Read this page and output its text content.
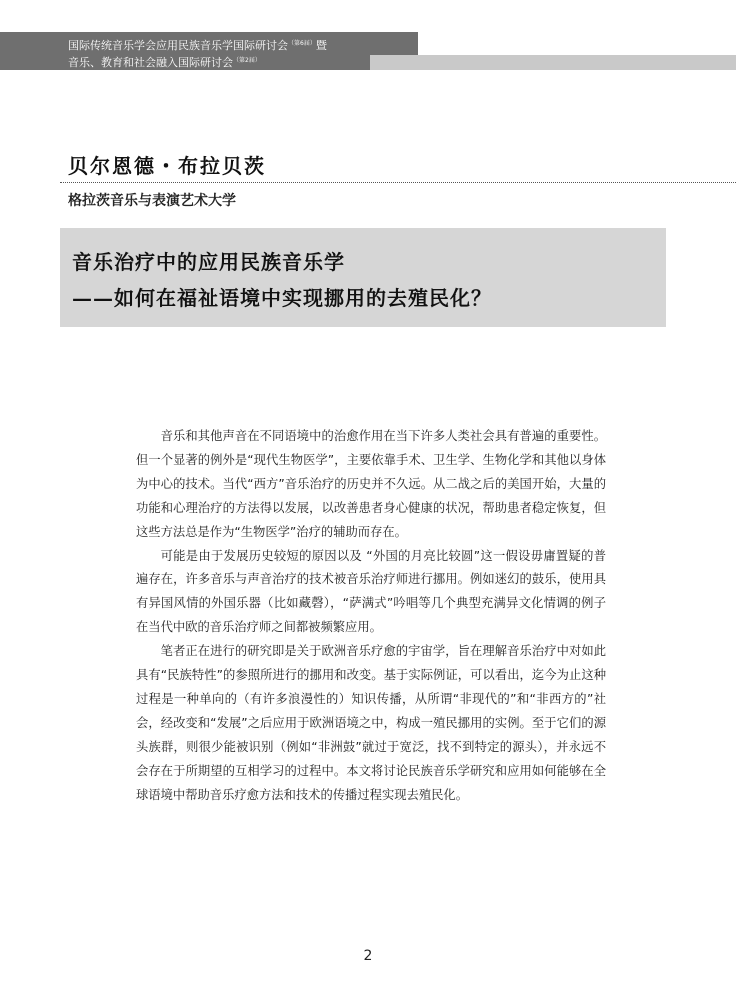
国际传统音乐学会应用民族音乐学国际研讨会$^{(第6届)}$暨
音乐、教育和社会融入国际研讨会$^{(第2届)}$
贝尔恩德・布拉贝茨
格拉茨音乐与表演艺术大学
音乐治疗中的应用民族音乐学
——如何在福祉语境中实现挪用的去殖民化？

音乐和其他声音在不同语境中的治愈作用在当下许多人类社会具有普遍的重要性。但一个显著的例外是“现代生物医学”，主要依靠手术、卫生学、生物化学和其他以身体为中心的技术。当代“西方”音乐治疗的历史并不久远。从二战之后的美国开始，大量的功能和心理治疗的方法得以发展，以改善患者身心健康的状况，帮助患者稳定恢复，但这些方法总是作为“生物医学”治疗的辅助而存在。

可能是由于发展历史较短的原因以及 “外国的月亮比较圆”这一假设毋庸置疑的普遍存在，许多音乐与声音治疗的技术被音乐治疗师进行挪用。例如迷幻的鼓乐，使用具有异国风情的外国乐器（比如藏磬），“萨满式”吟唱等几个典型充满异文化情调的例子在当代中欧的音乐治疗师之间都被频繁应用。

笔者正在进行的研究即是关于欧洲音乐疗愈的宇宙学，旨在理解音乐治疗中对如此具有“民族特性”的参照所进行的挪用和改变。基于实际例证，可以看出，迄今为止这种过程是一种单向的（有许多浪漫性的）知识传播，从所谓“非现代的”和“非西方的”社会，经改变和“发展”之后应用于欧洲语境之中，构成一殖民挪用的实例。至于它们的源头族群，则很少能被识别（例如“非洲鼓”就过于宽泛，找不到特定的源头），并永远不会存在于所期望的互相学习的过程中。本文将讨论民族音乐学研究和应用如何能够在全球语境中帮助音乐疗愈方法和技术的传播过程实现去殖民化。

2
